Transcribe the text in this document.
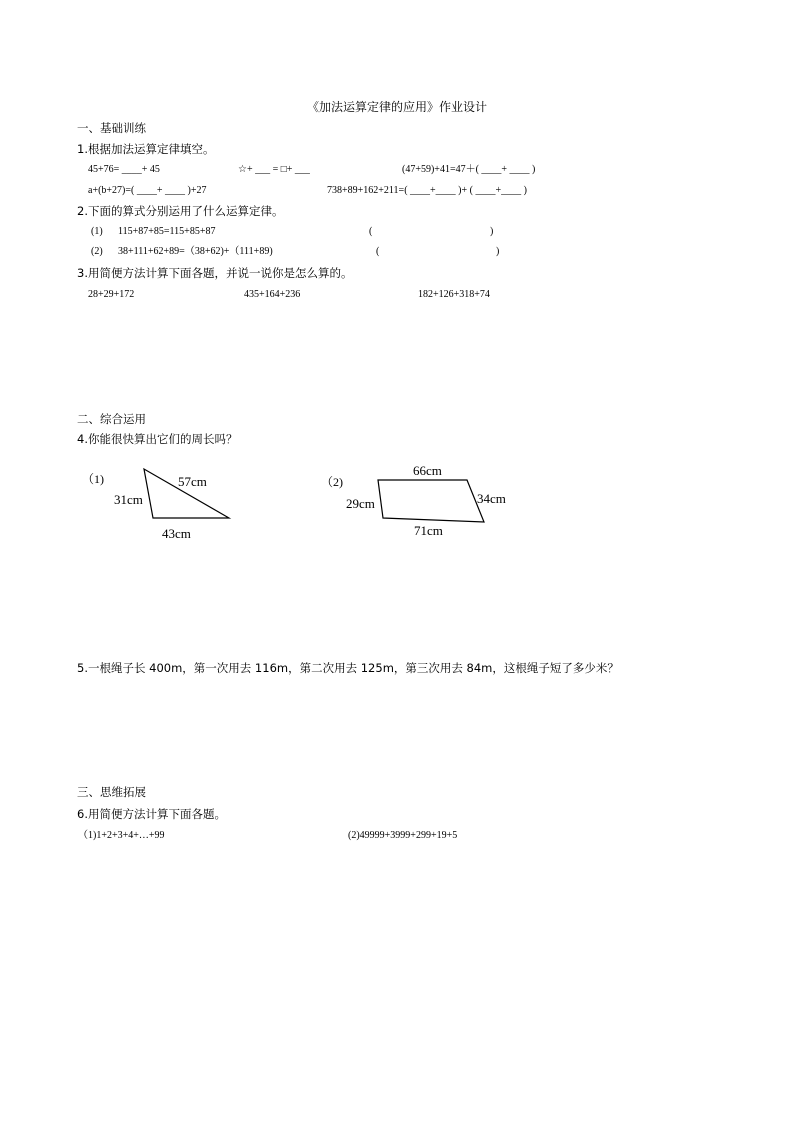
《加法运算定律的应用》作业设计
一、基础训练
1.根据加法运算定律填空。
45+76= ____+ 45	☆+ ___ = □+ ___	(47+59)+41=47＋( ____+ ____ )
a+(b+27)=( ____+ ____ )+27	738+89+162+211=( ____+____ )+ ( ____+____ )
2.下面的算式分别运用了什么运算定律。
(1) 115+87+85=115+85+87	(	)
(2) 38+111+62+89=（38+62)+（111+89)	(	)
3.用简便方法计算下面各题，并说一说你是怎么算的。
28+29+172	435+164+236	182+126+318+74
二、综合运用
4.你能很快算出它们的周长吗？
（1)	57cm
31cm
43cm
（2)
66cm
29cm	34cm
71cm
5.一根绳子长 400m，第一次用去 116m，第二次用去 125m，第三次用去 84m，这根绳子短了多少米？
三、思维拓展
6.用简便方法计算下面各题。
（1)1+2+3+4+…+99	(2)49999+3999+299+19+5
